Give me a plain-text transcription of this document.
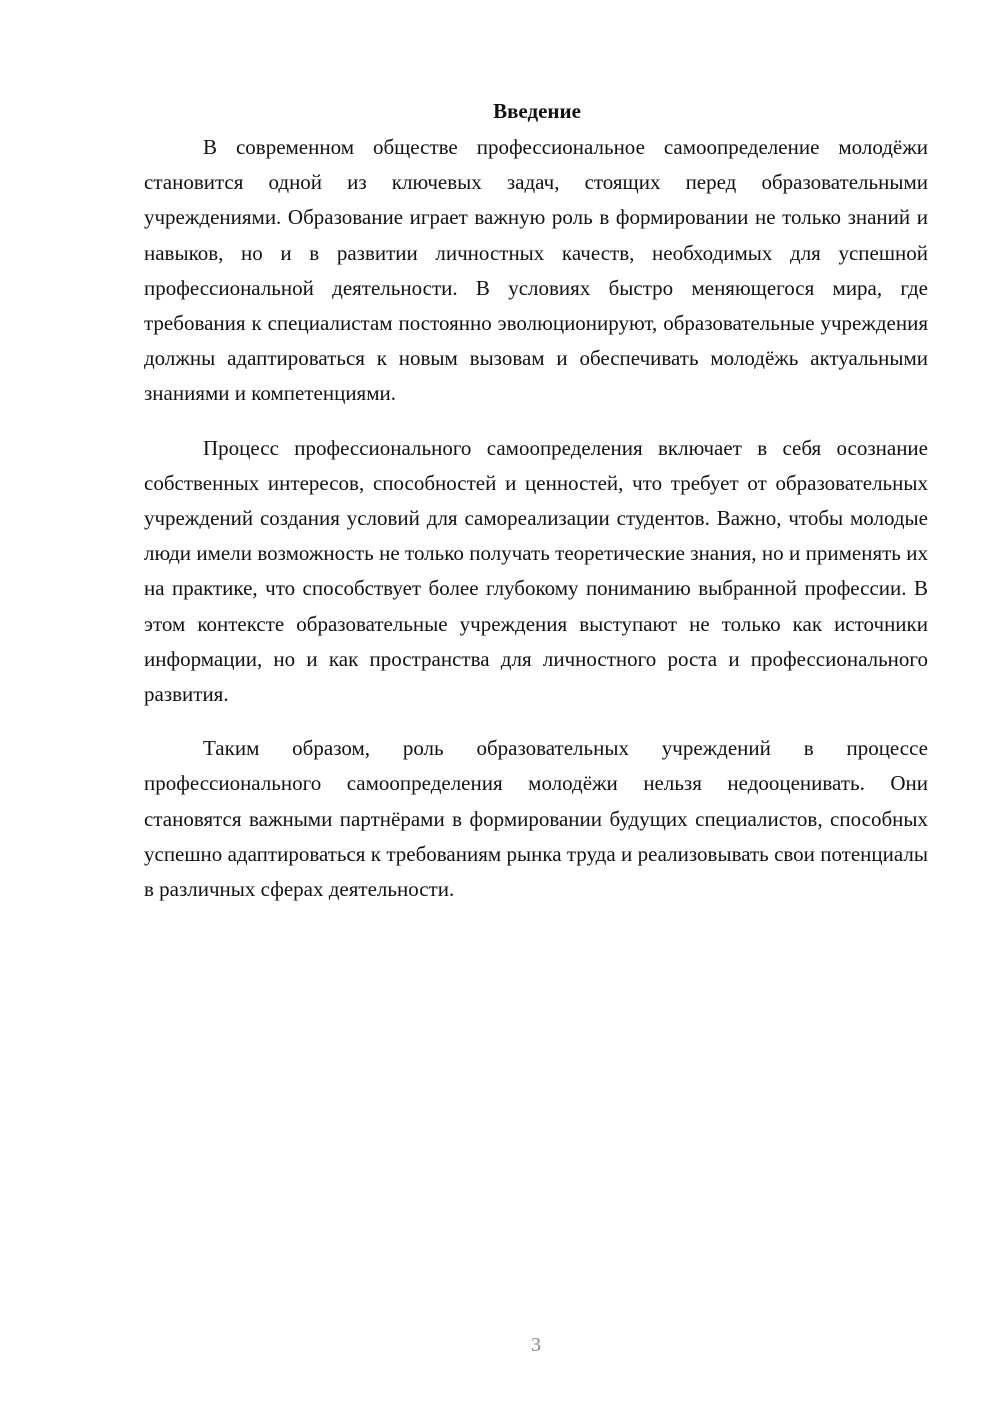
Введение

В современном обществе профессиональное самоопределение молодёжи становится одной из ключевых задач, стоящих перед образовательными учреждениями. Образование играет важную роль в формировании не только знаний и навыков, но и в развитии личностных качеств, необходимых для успешной профессиональной деятельности. В условиях быстро меняющегося мира, где требования к специалистам постоянно эволюционируют, образовательные учреждения должны адаптироваться к новым вызовам и обеспечивать молодёжь актуальными знаниями и компетенциями.

Процесс профессионального самоопределения включает в себя осознание собственных интересов, способностей и ценностей, что требует от образовательных учреждений создания условий для самореализации студентов. Важно, чтобы молодые люди имели возможность не только получать теоретические знания, но и применять их на практике, что способствует более глубокому пониманию выбранной профессии. В этом контексте образовательные учреждения выступают не только как источники информации, но и как пространства для личностного роста и профессионального развития.

Таким образом, роль образовательных учреждений в процессе профессионального самоопределения молодёжи нельзя недооценивать. Они становятся важными партнёрами в формировании будущих специалистов, способных успешно адаптироваться к требованиям рынка труда и реализовывать свои потенциалы в различных сферах деятельности.

3
